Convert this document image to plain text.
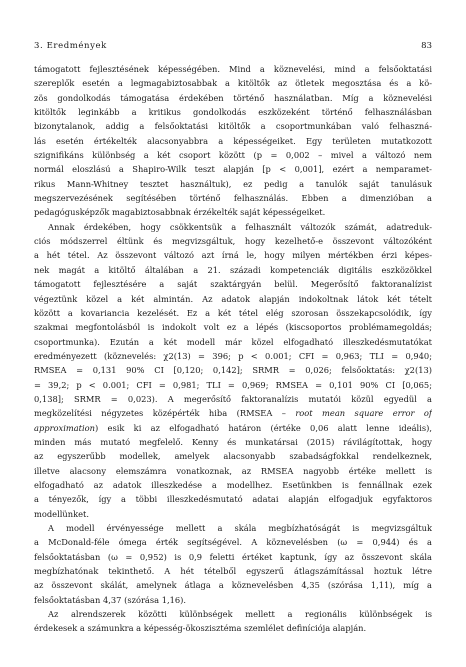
3. Eredmények	83
támogatott fejlesztésének képességében. Mind a köznevelési, mind a felsőoktatási
szereplők esetén a legmagabiztosabbak a kitöltők az ötletek megosztása és a kö-
zös gondolkodás támogatása érdekében történő használatban. Míg a köznevelési
kitöltők leginkább a kritikus gondolkodás eszközeként történő felhasználásban
bizonytalanok, addig a felsőoktatási kitöltők a csoportmunkában való felhaszná-
lás esetén értékelték alacsonyabbra a képességeiket. Egy területen mutatkozott
szignifikáns különbség a két csoport között (p = 0,002 – mivel a változó nem
normál eloszlású a Shapiro-Wilk teszt alapján [p < 0,001], ezért a nemparamet-
rikus Mann-Whitney tesztet használtuk), ez pedig a tanulók saját tanulásuk
megszervezésének segítésében történő felhasználás. Ebben a dimenzióban a
pedagógusképzők magabiztosabbnak érzékelték saját képességeiket.
Annak érdekében, hogy csökkentsük a felhasznált változók számát, adatreduk-
ciós módszerrel éltünk és megvizsgáltuk, hogy kezelhető-e összevont változóként
a hét tétel. Az összevont változó azt írná le, hogy milyen mértékben érzi képes-
nek magát a kitöltő általában a 21. századi kompetenciák digitális eszközökkel
támogatott fejlesztésére a saját szaktárgyán belül. Megerősítő faktoranalízist
végeztünk közel a két almintán. Az adatok alapján indokoltnak látok két tételt
között a kovariancia kezelését. Ez a két tétel elég szorosan összekapcsolódik, így
szakmai megfontolásból is indokolt volt ez a lépés (kiscsoportos problémamegoldás;
csoportmunka). Ezután a két modell már közel elfogadható illeszkedésmutatókat
eredményezett (köznevelés: χ2(13) = 396; p < 0.001; CFI = 0,963; TLI = 0,940;
RMSEA = 0,131 90% CI [0,120; 0,142]; SRMR = 0,026; felsőoktatás: χ2(13)
= 39,2; p < 0.001; CFI = 0,981; TLI = 0,969; RMSEA = 0,101 90% CI [0,065;
0,138]; SRMR = 0,023). A megerősítő faktoranalízis mutatói közül egyedül a
megközelítési négyzetes középérték hiba (RMSEA – root mean square error of
approximation) esik ki az elfogadható határon (értéke 0,06 alatt lenne ideális),
minden más mutató megfelelő. Kenny és munkatársai (2015) rávilágítottak, hogy
az egyszerűbb modellek, amelyek alacsonyabb szabadságfokkal rendelkeznek,
illetve alacsony elemszámra vonatkoznak, az RMSEA nagyobb értéke mellett is
elfogadható az adatok illeszkedése a modellhez. Esetünkben is fennállnak ezek
a tényezők, így a többi illeszkedésmutató adatai alapján elfogadjuk egyfaktoros
modellünket.
A modell érvényessége mellett a skála megbízhatóságát is megvizsgáltuk
a McDonald-féle ómega érték segítségével. A köznevelésben (ω = 0,944) és a
felsőoktatásban (ω = 0,952) is 0,9 feletti értéket kaptunk, így az összevont skála
megbízhatónak tekinthető. A hét tételből egyszerű átlagszámítással hoztuk létre
az összevont skálát, amelynek átlaga a köznevelésben 4,35 (szórása 1,11), míg a
felsőoktatásban 4,37 (szórása 1,16).
Az alrendszerek közötti különbségek mellett a regionális különbségek is
érdekesek a számunkra a képesség-ökoszisztéma szemlélet definíciója alapján.
